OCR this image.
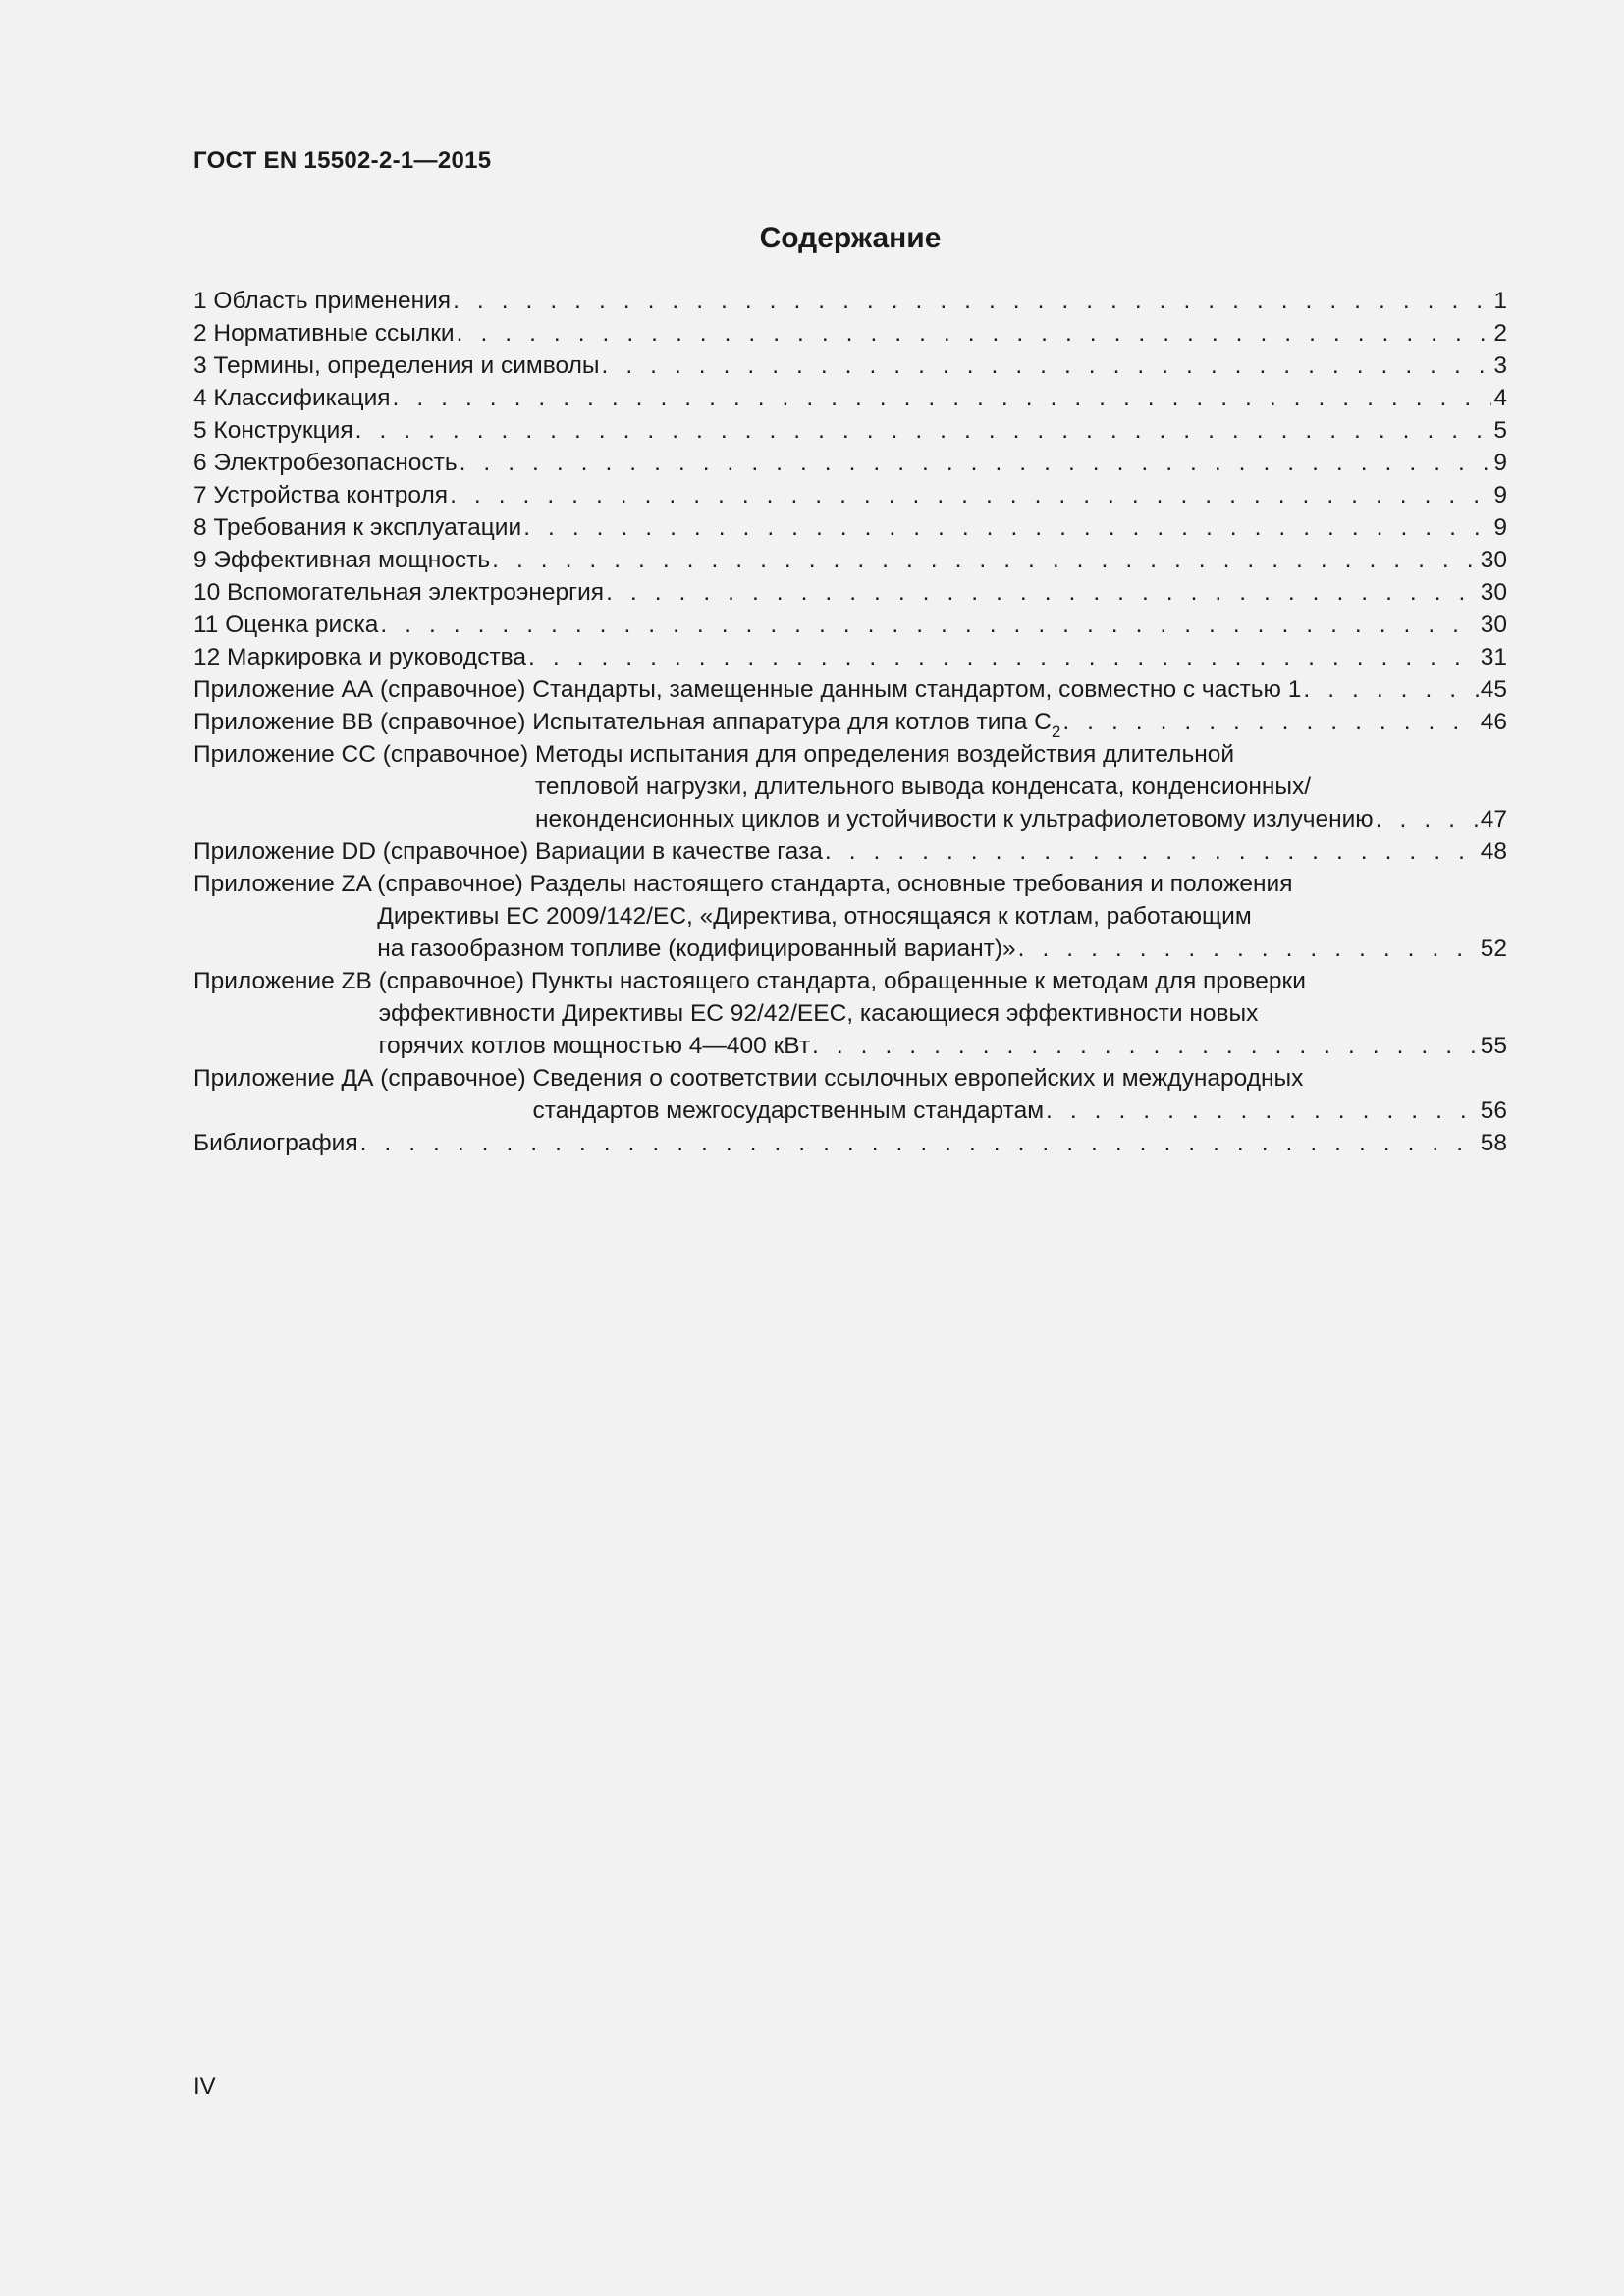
ГОСТ EN 15502-2-1—2015
Содержание
1 Область применения . . .	1
2 Нормативные ссылки . . .	2
3 Термины, определения и символы . . .	3
4 Классификация . . .	4
5 Конструкция . . .	5
6 Электробезопасность . . .	9
7 Устройства контроля . . .	9
8 Требования к эксплуатации . . .	9
9 Эффективная мощность . . .	30
10 Вспомогательная электроэнергия . . .	30
11 Оценка риска . . .	30
12 Маркировка и руководства . . .	31
Приложение АА (справочное) Стандарты, замещенные данным стандартом, совместно с частью 1 . . .	45
Приложение ВВ (справочное) Испытательная аппаратура для котлов типа $C_2$ . . .	46
Приложение СС (справочное) Методы испытания для определения воздействия длительной
тепловой нагрузки, длительного вывода конденсата, конденсионных/
неконденсионных циклов и устойчивости к ультрафиолетовому излучению . . .	47
Приложение DD (справочное) Вариации в качестве газа . . .	48
Приложение ZA (справочное) Разделы настоящего стандарта, основные требования и положения
Директивы ЕС 2009/142/ЕС, «Директива, относящаяся к котлам, работающим
на газообразном топливе (кодифицированный вариант)» . . .	52
Приложение ZB (справочное) Пункты настоящего стандарта, обращенные к методам для проверки
эффективности Директивы ЕС 92/42/ЕЕС, касающиеся эффективности новых
горячих котлов мощностью 4—400 кВт . . .	55
Приложение ДА (справочное) Сведения о соответствии ссылочных европейских и международных
стандартов межгосударственным стандартам . . .	56
Библиография . . .	58
IV
